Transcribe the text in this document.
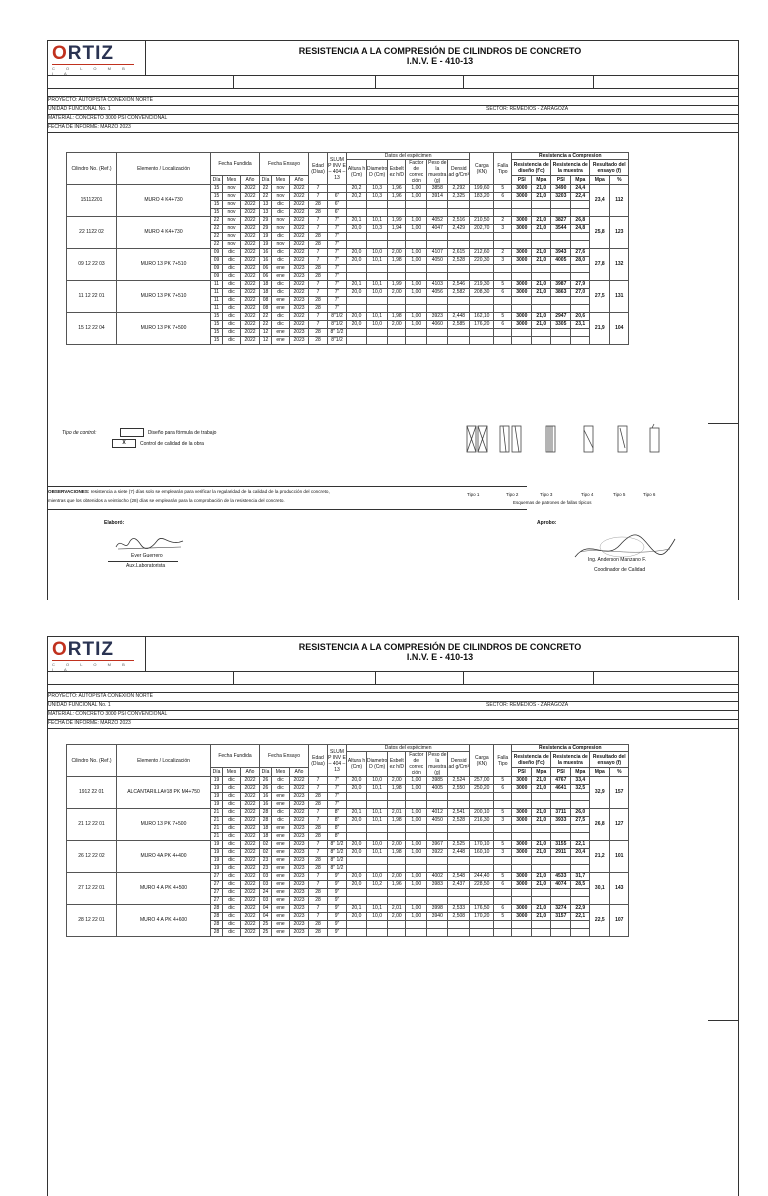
ORTIZ
C O L O M B I A
RESISTENCIA A LA COMPRESIÓN DE CILINDROS DE CONCRETO
I.N.V. E - 410-13
PROYECTO: AUTOPISTA CONEXIÓN NORTE
UNIDAD FUNCIONAL No. 1	SECTOR: REMEDIOS - ZARAGOZA
MATERIAL: CONCRETO 3000 PSI CONVENCIONAL
FECHA DE INFORME: MARZO 2023
Cilindro No. (Ref.)	Elemento / Localización	Fecha Fundida			Fecha Ensayo			Edad (Días)	SLUM P INV E – 404 – 13	Datos del espécimen						Carga (KN)	Falla Tipo	Resistencia a Compresion					
										Altura h (Cm)	Diametro D (Cm)	Esbelt ez h/D	Factor de correc ción	Peso de la muestra (g)	Densid ad g/Cm³			Resistencia de diseño (f'c)		Resistencia de la muestra		Resultado del ensayo (f)	
		Día	Mes	Año	Día	Mes	Año											PSI	Mpa	PSI	Mpa	Mpa	%
15112201	MURO 4 K4+730	15	nov	2022	22	nov	2022	7		20,2	10,3	1,96	1,00	3858	2,292	199,60	5	3000	21,0	3490	24,4	23,4	112
		15	nov	2022	22	nov	2022	7	6"	20,2	10,3	1,96	1,00	3914	2,325	183,20	6	3000	21,0	3203	22,4		
		15	nov	2022	13	dic	2022	28	6"														
		15	nov	2022	13	dic	2022	28	6"														
22 1122 02	MURO 4 K4+730	22	nov	2022	29	nov	2022	7	7"	20,1	10,1	1,99	1,00	4052	2,516	210,50	2	3000	21,0	3827	26,8	25,8	123
		22	nov	2022	29	nov	2022	7	7"	20,0	10,3	1,94	1,00	4047	2,429	202,70	3	3000	21,0	3544	24,8		
		22	nov	2022	19	dic	2022	28	7"														
		22	nov	2022	19	nov	2022	28	7"														
09 12 22 03	MURO 13 PK 7+510	09	dic	2022	16	dic	2022	7	7"	20,0	10,0	2,00	1,00	4107	2,615	212,60	2	3000	21,0	3943	27,6	27,8	132
		09	dic	2022	16	dic	2022	7	7"	20,0	10,1	1,98	1,00	4050	2,528	220,30	3	3000	21,0	4005	28,0		
		09	dic	2022	06	ene	2023	28	7"														
		09	dic	2022	06	ene	2023	28	7"														
11 12 22 01	MURO 13 PK 7+510	11	dic	2022	18	dic	2022	7	7"	20,1	10,1	1,99	1,00	4103	2,546	219,30	5	3000	21,0	3987	27,9	27,5	131
		11	dic	2022	18	dic	2022	7	7"	20,0	10,0	2,00	1,00	4056	2,582	208,30	6	3000	21,0	3863	27,0		
		11	dic	2022	08	ene	2023	28	7"														
		11	dic	2022	08	ene	2023	28	7"														
15 12 22 04	MURO 13 PK 7+500	15	dic	2022	22	dic	2022	7	8"1/2	20,0	10,1	1,98	1,00	3923	2,448	162,10	5	3000	21,0	2947	20,6	21,9	104
		15	dic	2022	22	dic	2022	7	8"1/2	20,0	10,0	2,00	1,00	4060	2,585	176,20	6	3000	21,0	3305	23,1		
		15	dic	2022	12	ene	2023	28	8" 1/2														
		15	dic	2022	12	ene	2023	28	8"1/2														
Tipo de control:	Diseño para fórmula de trabajo
X	Control de calidad de la obra
OBSERVACIONES: resistencia a siete (7) días solo se emplearán para verificar la regularidad de la calidad de la producción del concreto,
mientras que los obtenidos a veintiocho (28) días se emplearán para la comprobación de la resistencia del concreto.
Tipo 1	Tipo 2	Tipo 3	Tipo 4	Tipo 5	Tipo 6
Esquemas de patrones de fallas típicos
Elaboró:
Ever Guerrero
Aux.Laboratorista
Aprobo:
Ing. Anderson Manzano F.
Coodinador de Calidad
ORTIZ
C O L O M B I A
RESISTENCIA A LA COMPRESIÓN DE CILINDROS DE CONCRETO
I.N.V. E - 410-13
PROYECTO: AUTOPISTA CONEXIÓN NORTE
UNIDAD FUNCIONAL No. 1	SECTOR: REMEDIOS - ZARAGOZA
MATERIAL: CONCRETO 3000 PSI CONVENCIONAL
FECHA DE INFORME: MARZO 2023
Cilindro No. (Ref.)	Elemento / Localización	Fecha Fundida			Fecha Ensayo			Edad (Días)	SLUM P INV E – 404 – 13	Datos del espécimen						Carga (KN)	Falla Tipo	Resistencia a Compresion					
										Altura h (Cm)	Diametro D (Cm)	Esbelt ez h/D	Factor de correc ción	Peso de la muestra (g)	Densid ad g/Cm³			Resistencia de diseño (f'c)		Resistencia de la muestra		Resultado del ensayo (f)	
		Día	Mes	Año	Día	Mes	Año											PSI	Mpa	PSI	Mpa	Mpa	%
1912 22 01	ALCANTARILLA#18 PK M4+750	19	dic	2022	26	dic	2022	7	7"	20,0	10,0	2,00	1,00	3985	2,524	257,00	5	3000	21,0	4767	33,4	32,9	157
		19	dic	2022	26	dic	2022	7	7"	20,0	10,1	1,98	1,00	4005	2,550	250,20	6	3000	21,0	4641	32,5		
		19	dic	2022	16	ene	2023	28	7"														
		19	dic	2022	16	ene	2023	28	7"														
21 12 22 01	MURO 13 PK 7+500	21	dic	2022	28	dic	2022	7	8"	20,1	10,1	2,01	1,00	4012	2,541	200,10	5	3000	21,0	3711	26,0	26,8	127
		21	dic	2022	28	dic	2022	7	8"	20,0	10,1	1,98	1,00	4050	2,528	216,30	3	3000	21,0	3933	27,5		
		21	dic	2022	18	ene	2023	28	8"														
		21	dic	2022	18	ene	2023	28	8"														
26 12 22 02	MURO 4A PK 4+400	19	dic	2022	02	ene	2023	7	8" 1/2	20,0	10,0	2,00	1,00	3967	2,525	170,10	5	3000	21,0	3155	22,1	21,2	101
		19	dic	2022	02	ene	2023	7	8" 1/2	20,0	10,1	1,98	1,00	3922	2,448	160,10	3	3000	21,0	2911	20,4		
		19	dic	2022	23	ene	2023	28	8" 1/2														
		19	dic	2022	23	ene	2023	28	8" 1/2														
27 12 22 01	MURO 4 A PK 4+500	27	dic	2022	03	ene	2023	7	9"	20,0	10,0	2,00	1,00	4002	2,548	244,40	5	3000	21,0	4533	31,7	30,1	143
		27	dic	2022	03	ene	2023	7	9"	20,0	10,2	1,96	1,00	3983	2,437	228,50	6	3000	21,0	4074	28,5		
		27	dic	2022	24	ene	2023	28	9"														
		27	dic	2022	03	ene	2023	28	9"														
28 12 22 01	MURO 4 A PK 4+600	28	dic	2022	04	ene	2023	7	9"	20,1	10,1	2,01	1,00	3998	2,533	176,50	6	3000	21,0	3274	22,9	22,5	107
		28	dic	2022	04	ene	2023	7	9"	20,0	10,0	2,00	1,00	3940	2,508	170,20	5	3000	21,0	3157	22,1		
		28	dic	2022	25	ene	2023	28	9"														
		28	dic	2022	25	ene	2023	28	9"														
